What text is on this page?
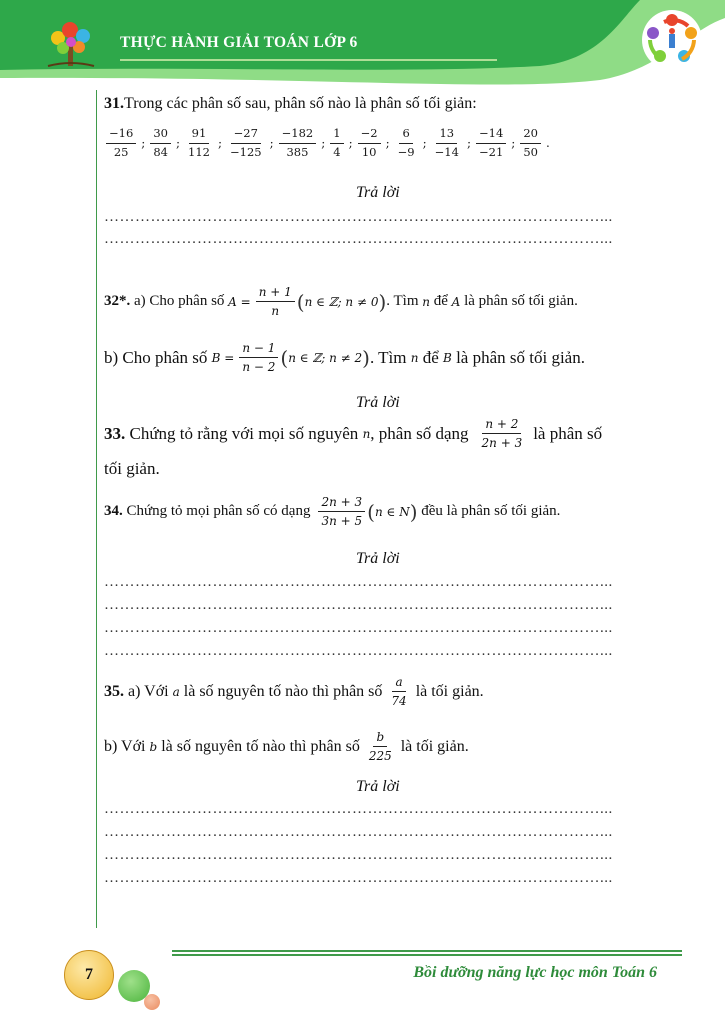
THỰC HÀNH GIẢI TOÁN LỚP 6
31.Trong các phân số sau, phân số nào là phân số tối giản:
$\frac{-16}{25}$ ; $\frac{30}{84}$ ; $\frac{91}{112}$ ; $\frac{-27}{-125}$ ; $\frac{-182}{385}$ ; $\frac{1}{4}$ ; $\frac{-2}{10}$ ; $\frac{6}{-9}$ ; $\frac{13}{-14}$ ; $\frac{-14}{-21}$ ; $\frac{20}{50}$ .
Trả lời
……………………………………………………………………………………...
……………………………………………………………………………………...
32*. a) Cho phân số $A = \frac{n + 1}{n}$ ( n ∈ ℤ; n ≠ 0 ) . Tìm n để A là phân số tối giản.
b) Cho phân số $B = \frac{n - 1}{n - 2}$ ( n ∈ ℤ; n ≠ 2 ) . Tìm n để B là phân số tối giản.
Trả lời
33. Chứng tỏ rằng với mọi số nguyên n , phân số dạng $\frac{n + 2}{2n + 3}$ là phân số
tối giản.
34. Chứng tỏ mọi phân số có dạng $\frac{2n + 3}{3n + 5}$ ( n ∈ N ) đều là phân số tối giản.
Trả lời
……………………………………………………………………………………...
……………………………………………………………………………………...
……………………………………………………………………………………...
……………………………………………………………………………………...
35. a) Với a là số nguyên tố nào thì phân số $\frac{a}{74}$ là tối giản.
b) Với b là số nguyên tố nào thì phân số $\frac{b}{225}$ là tối giản.
Trả lời
……………………………………………………………………………………...
……………………………………………………………………………………...
……………………………………………………………………………………...
……………………………………………………………………………………...
7	Bồi dưỡng năng lực học môn Toán 6
